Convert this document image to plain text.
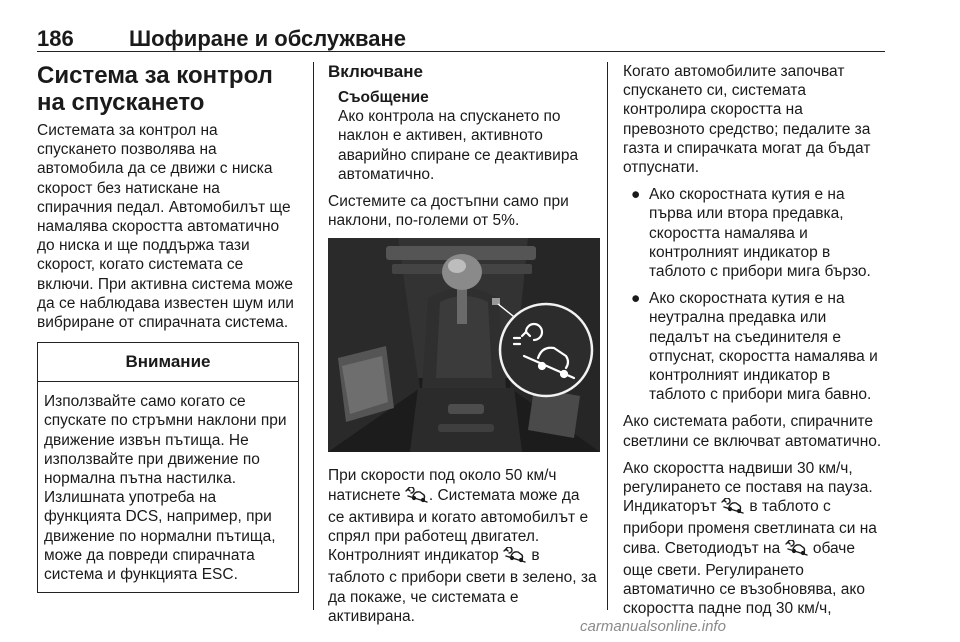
186	Шофиране и обслужване
Система за контрол на спускането

Системата за контрол на спускането позволява на автомобила да се движи с ниска скорост без натискане на спирачния педал. Автомобилът ще намалява скоростта автоматично до ниска и ще поддържа тази скорост, когато системата се включи. При активна система може да се наблюдава известен шум или вибриране от спирачната система.

Внимание

Използвайте само когато се спускате по стръмни наклони при движение извън пътища. Не използвайте при движение по нормална пътна настилка. Излишната употреба на функцията DCS, например, при движение по нормални пътища, може да повреди спирачната система и функцията ESC.

Включване
Съобщение

Ако контрола на спускането по наклон е активен, активното аварийно спиране се деактивира автоматично.

Системите са достъпни само при наклони, по-големи от 5%.

При скорости под около 50 км/ч натиснете . Системата може да се активира и когато автомобилът е спрял при работещ двигател. Контролният индикатор в таблото с прибори свети в зелено, за да покаже, че системата е активирана.

Когато автомобилите започват спускането си, системата контролира скоростта на превозното средство; педалите за газта и спирачката могат да бъдат отпуснати.

● Ако скоростната кутия е на първа или втора предавка, скоростта намалява и контролният индикатор в таблото с прибори мига бързо.
● Ако скоростната кутия е на неутрална предавка или педалът на съединителя е отпуснат, скоростта намалява и контролният индикатор в таблото с прибори мига бавно.

Ако системата работи, спирачните светлини се включват автоматично.

Ако скоростта надвиши 30 км/ч, регулирането се поставя на пауза. Индикаторът в таблото с прибори променя светлината си на сива. Светодиодът на обаче още свети. Регулирането автоматично се възобновява, ако скоростта падне под 30 км/ч,

carmanualsonline.info
